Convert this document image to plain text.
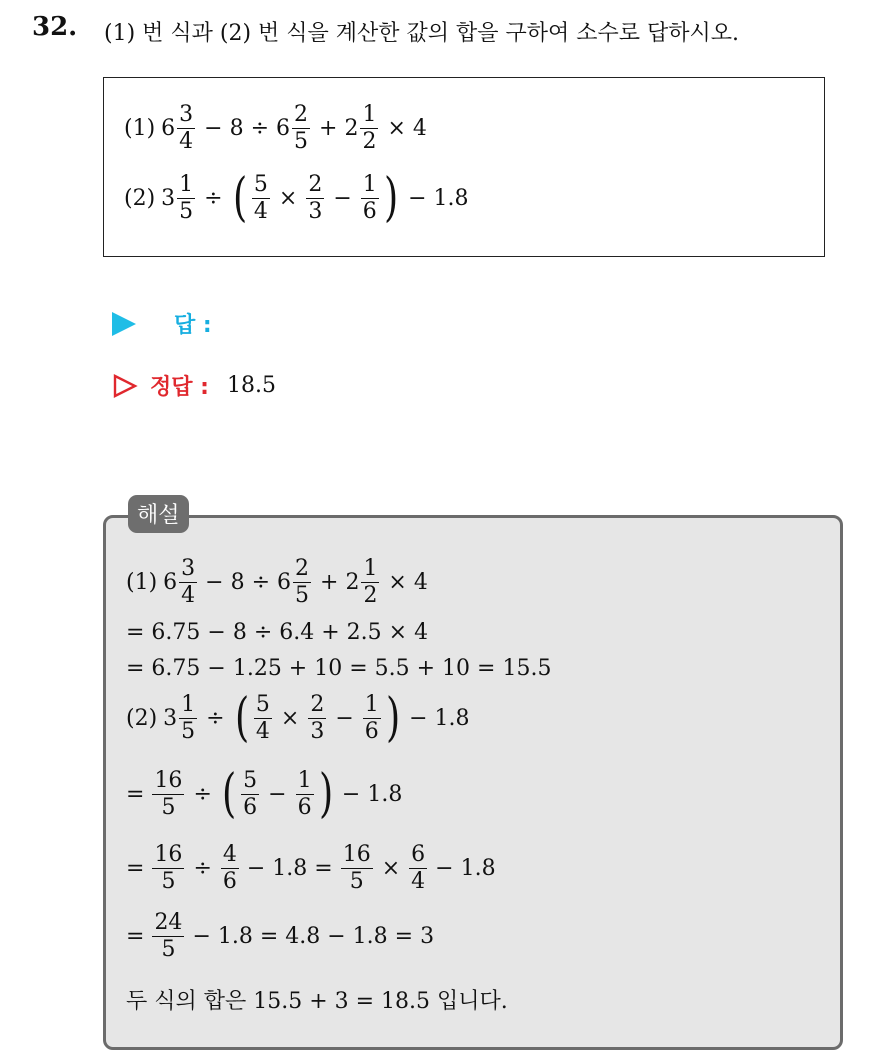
32. (1) 번 식과 (2) 번 식을 계산한 값의 합을 구하여 소수로 답하시오.
(1) $6 \frac{3}{4} - 8 \div 6 \frac{2}{5} + 2 \frac{1}{2} \times 4$
(2) $3 \frac{1}{5}$ ÷ ( $\frac{5}{4} \times \frac{2}{3} - \frac{1}{6}$ ) − 1.8
답 :
정답 : 18.5
해설
(1) $6 \frac{3}{4} - 8 \div 6 \frac{2}{5} + 2 \frac{1}{2} \times 4$
= 6.75 − 8 ÷ 6.4 + 2.5 × 4
= 6.75 − 1.25 + 10 = 5.5 + 10 = 15.5
(2) $3 \frac{1}{5}$ ÷ ( $\frac{5}{4} \times \frac{2}{3} - \frac{1}{6}$ ) − 1.8
= $\frac{16}{5}$ ÷ ( $\frac{5}{6} - \frac{1}{6}$ ) − 1.8
= $\frac{16}{5} \div \frac{4}{6} - 1.8 = \frac{16}{5} \times \frac{6}{4} - 1.8$
= $\frac{24}{5} - 1.8 = 4.8 - 1.8 = 3$
두 식의 합은 15.5 + 3 = 18.5 입니다.
